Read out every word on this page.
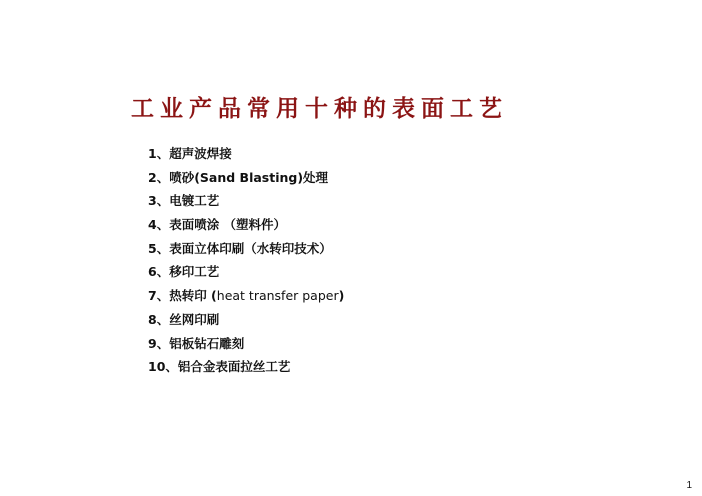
工业产品常用十种的表面工艺
1、超声波焊接
2、喷砂(Sand Blasting)处理
3、电镀工艺
4、表面喷涂 （塑料件）
5、表面立体印刷（水转印技术）
6、移印工艺
7、热转印 (heat transfer paper)
8、丝网印刷
9、铝板钻石雕刻
10、铝合金表面拉丝工艺
1
